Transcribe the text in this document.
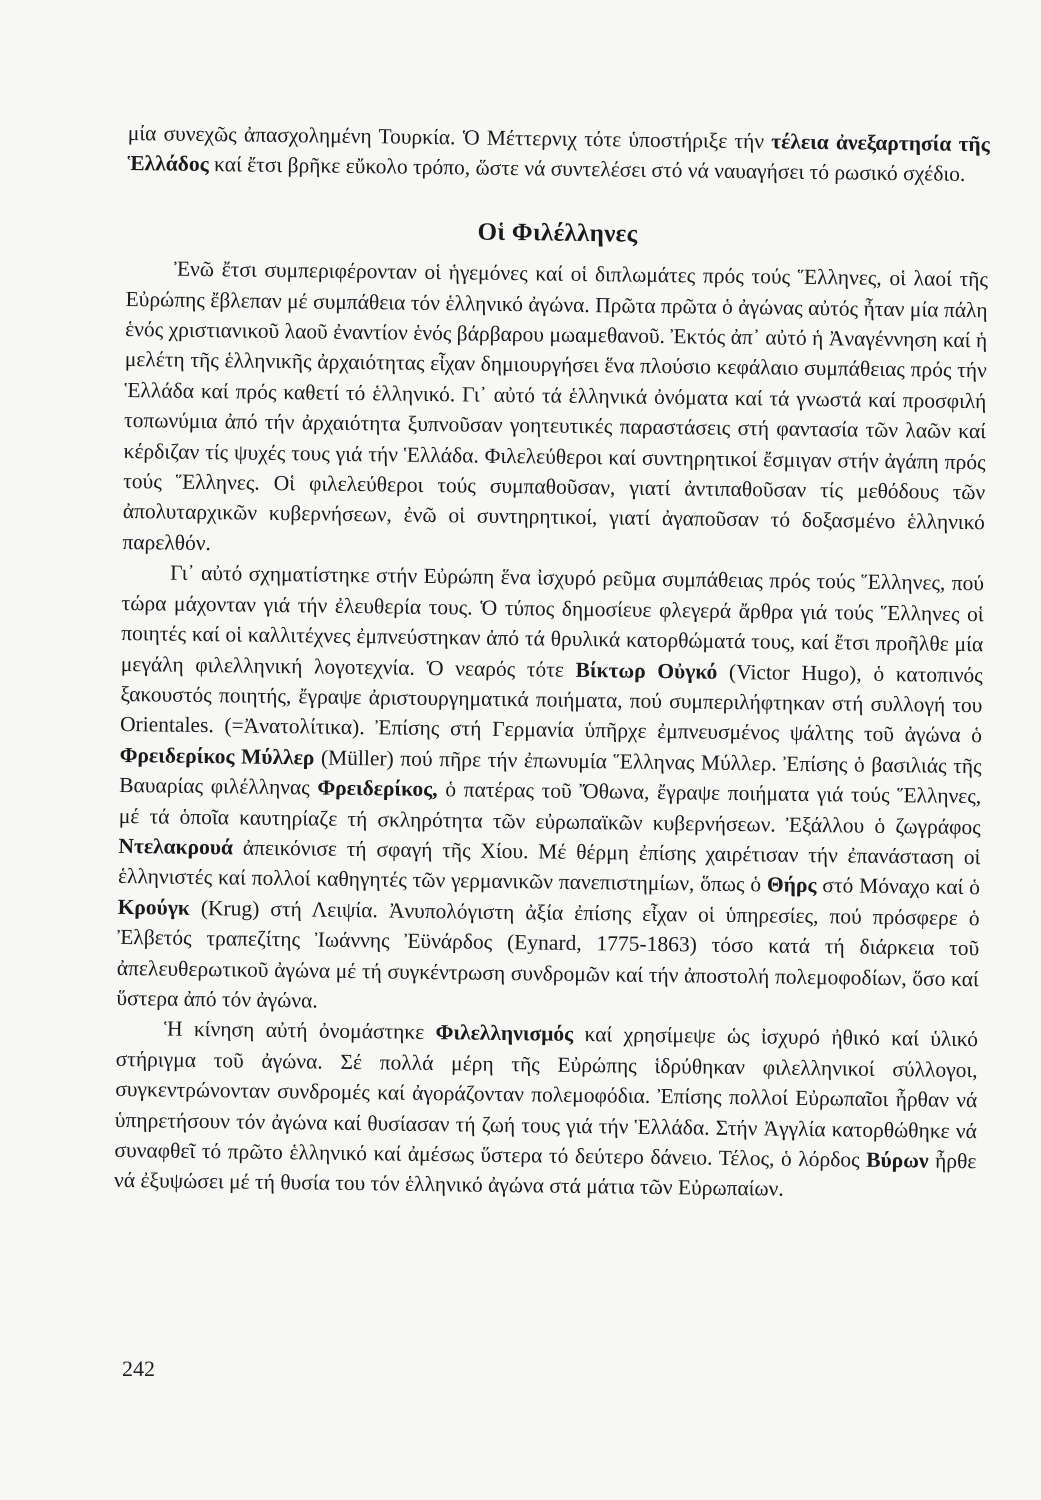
μία συνεχῶς ἀπασχολημένη Τουρκία. Ὁ Μέττερνιχ τότε ὑποστήριξε τήν τέλεια ἀνεξαρτησία τῆς Ἑλλάδος καί ἔτσι βρῆκε εὔκολο τρόπο, ὥστε νά συντελέσει στό νά ναυαγήσει τό ρωσικό σχέδιο.

Οἱ Φιλέλληνες

Ἐνῶ ἔτσι συμπεριφέρονταν οἱ ἡγεμόνες καί οἱ διπλωμάτες πρός τούς Ἕλληνες, οἱ λαοί τῆς Εὐρώπης ἔβλεπαν μέ συμπάθεια τόν ἑλληνικό ἀγώνα. Πρῶτα πρῶτα ὁ ἀγώνας αὐτός ἦταν μία πάλη ἑνός χριστιανικοῦ λαοῦ ἐναντίον ἑνός βάρβαρου μωαμεθανοῦ. Ἐκτός ἀπ᾽ αὐτό ἡ Ἀναγέννηση καί ἡ μελέτη τῆς ἑλληνικῆς ἀρχαιότητας εἶχαν δημιουργήσει ἕνα πλούσιο κεφάλαιο συμπάθειας πρός τήν Ἑλλάδα καί πρός καθετί τό ἑλληνικό. Γι᾽ αὐτό τά ἑλληνικά ὀνόματα καί τά γνωστά καί προσφιλή τοπωνύμια ἀπό τήν ἀρχαιότητα ξυπνοῦσαν γοητευτικές παραστάσεις στή φαντασία τῶν λαῶν καί κέρδιζαν τίς ψυχές τους γιά τήν Ἑλλάδα. Φιλελεύθεροι καί συντηρητικοί ἔσμιγαν στήν ἀγάπη πρός τούς Ἕλληνες. Οἱ φιλελεύθεροι τούς συμπαθοῦσαν, γιατί ἀντιπαθοῦσαν τίς μεθόδους τῶν ἀπολυταρχικῶν κυβερνήσεων, ἐνῶ οἱ συντηρητικοί, γιατί ἀγαποῦσαν τό δοξασμένο ἑλληνικό παρελθόν.

Γι᾽ αὐτό σχηματίστηκε στήν Εὐρώπη ἕνα ἰσχυρό ρεῦμα συμπάθειας πρός τούς Ἕλληνες, πού τώρα μάχονταν γιά τήν ἐλευθερία τους. Ὁ τύπος δημοσίευε φλεγερά ἄρθρα γιά τούς Ἕλληνες οἱ ποιητές καί οἱ καλλιτέχνες ἐμπνεύστηκαν ἀπό τά θρυλικά κατορθώματά τους, καί ἔτσι προῆλθε μία μεγάλη φιλελληνική λογοτεχνία. Ὁ νεαρός τότε Βίκτωρ Οὐγκό (Victor Hugo), ὁ κατοπινός ξακουστός ποιητής, ἔγραψε ἀριστουργηματικά ποιήματα, πού συμπεριλήφτηκαν στή συλλογή του Orientales. (=Ἀνατολίτικα). Ἐπίσης στή Γερμανία ὑπῆρχε ἐμπνευσμένος ψάλτης τοῦ ἀγώνα ὁ Φρειδερίκος Μύλλερ (Müller) πού πῆρε τήν ἐπωνυμία Ἕλληνας Μύλλερ. Ἐπίσης ὁ βασιλιάς τῆς Βαυαρίας φιλέλληνας Φρειδερίκος, ὁ πατέρας τοῦ Ὄθωνα, ἔγραψε ποιήματα γιά τούς Ἕλληνες, μέ τά ὁποῖα καυτηρίαζε τή σκληρότητα τῶν εὐρωπαϊκῶν κυβερνήσεων. Ἐξάλλου ὁ ζωγράφος Ντελακρουά ἀπεικόνισε τή σφαγή τῆς Χίου. Μέ θέρμη ἐπίσης χαιρέτισαν τήν ἐπανάσταση οἱ ἑλληνιστές καί πολλοί καθηγητές τῶν γερμανικῶν πανεπιστημίων, ὅπως ὁ Θήρς στό Μόναχο καί ὁ Κρούγκ (Krug) στή Λειψία. Ἀνυπολόγιστη ἀξία ἐπίσης εἶχαν οἱ ὑπηρεσίες, πού πρόσφερε ὁ Ἐλβετός τραπεζίτης Ἰωάννης Ἐϋνάρδος (Eynard, 1775-1863) τόσο κατά τή διάρκεια τοῦ ἀπελευθερωτικοῦ ἀγώνα μέ τή συγκέντρωση συνδρομῶν καί τήν ἀποστολή πολεμοφοδίων, ὅσο καί ὕστερα ἀπό τόν ἀγώνα.

Ἡ κίνηση αὐτή ὀνομάστηκε Φιλελληνισμός καί χρησίμεψε ὡς ἰσχυρό ἠθικό καί ὑλικό στήριγμα τοῦ ἀγώνα. Σέ πολλά μέρη τῆς Εὐρώπης ἱδρύθηκαν φιλελληνικοί σύλλογοι, συγκεντρώνονταν συνδρομές καί ἀγοράζονταν πολεμοφόδια. Ἐπίσης πολλοί Εὐρωπαῖοι ἦρθαν νά ὑπηρετήσουν τόν ἀγώνα καί θυσίασαν τή ζωή τους γιά τήν Ἑλλάδα. Στήν Ἀγγλία κατορθώθηκε νά συναφθεῖ τό πρῶτο ἑλληνικό καί ἀμέσως ὕστερα τό δεύτερο δάνειο. Τέλος, ὁ λόρδος Βύρων ἦρθε νά ἐξυψώσει μέ τή θυσία του τόν ἑλληνικό ἀγώνα στά μάτια τῶν Εὐρωπαίων.

242
